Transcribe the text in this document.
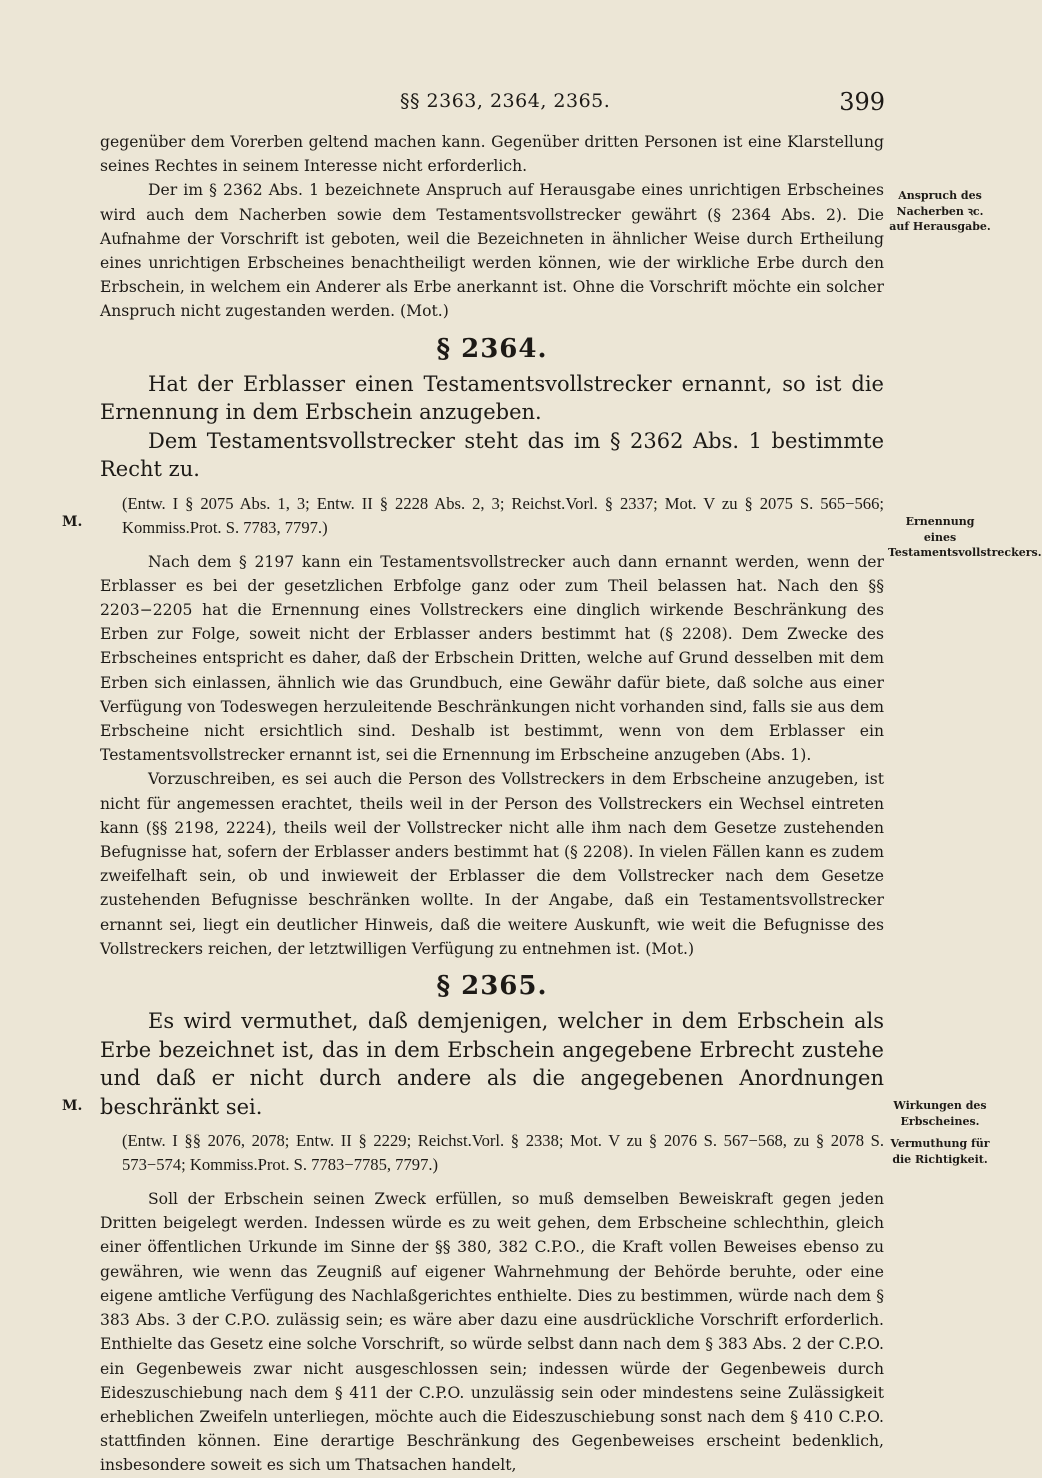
§§ 2363, 2364, 2365.	399

gegenüber dem Vorerben geltend machen kann. Gegenüber dritten Personen ist eine Klarstellung seines Rechtes in seinem Interesse nicht erforderlich.

Der im § 2362 Abs. 1 bezeichnete Anspruch auf Herausgabe eines unrichtigen Erbscheines wird auch dem Nacherben sowie dem Testamentsvollstrecker gewährt (§ 2364 Abs. 2). Die Aufnahme der Vorschrift ist geboten, weil die Bezeichneten in ähnlicher Weise durch Ertheilung eines unrichtigen Erbscheines benachtheiligt werden können, wie der wirkliche Erbe durch den Erbschein, in welchem ein Anderer als Erbe anerkannt ist. Ohne die Vorschrift möchte ein solcher Anspruch nicht zugestanden werden. (Mot.)

§ 2364.

Hat der Erblasser einen Testamentsvollstrecker ernannt, so ist die Ernennung in dem Erbschein anzugeben.

Dem Testamentsvollstrecker steht das im § 2362 Abs. 1 bestimmte Recht zu.

(Entw. I § 2075 Abs. 1, 3; Entw. II § 2228 Abs. 2, 3; Reichst.Vorl. § 2337; Mot. V zu § 2075 S. 565−566; Kommiss.Prot. S. 7783, 7797.)

Nach dem § 2197 kann ein Testamentsvollstrecker auch dann ernannt werden, wenn der Erblasser es bei der gesetzlichen Erbfolge ganz oder zum Theil belassen hat. Nach den §§ 2203−2205 hat die Ernennung eines Vollstreckers eine dinglich wirkende Beschränkung des Erben zur Folge, soweit nicht der Erblasser anders bestimmt hat (§ 2208). Dem Zwecke des Erbscheines entspricht es daher, daß der Erbschein Dritten, welche auf Grund desselben mit dem Erben sich einlassen, ähnlich wie das Grundbuch, eine Gewähr dafür biete, daß solche aus einer Verfügung von Todeswegen herzuleitende Beschränkungen nicht vorhanden sind, falls sie aus dem Erbscheine nicht ersichtlich sind. Deshalb ist bestimmt, wenn von dem Erblasser ein Testamentsvollstrecker ernannt ist, sei die Ernennung im Erbscheine anzugeben (Abs. 1).

Vorzuschreiben, es sei auch die Person des Vollstreckers in dem Erbscheine anzugeben, ist nicht für angemessen erachtet, theils weil in der Person des Vollstreckers ein Wechsel eintreten kann (§§ 2198, 2224), theils weil der Vollstrecker nicht alle ihm nach dem Gesetze zustehenden Befugnisse hat, sofern der Erblasser anders bestimmt hat (§ 2208). In vielen Fällen kann es zudem zweifelhaft sein, ob und inwieweit der Erblasser die dem Vollstrecker nach dem Gesetze zustehenden Befugnisse beschränken wollte. In der Angabe, daß ein Testamentsvollstrecker ernannt sei, liegt ein deutlicher Hinweis, daß die weitere Auskunft, wie weit die Befugnisse des Vollstreckers reichen, der letztwilligen Verfügung zu entnehmen ist. (Mot.)

§ 2365.

Es wird vermuthet, daß demjenigen, welcher in dem Erbschein als Erbe bezeichnet ist, das in dem Erbschein angegebene Erbrecht zustehe und daß er nicht durch andere als die angegebenen Anordnungen beschränkt sei.

(Entw. I §§ 2076, 2078; Entw. II § 2229; Reichst.Vorl. § 2338; Mot. V zu § 2076 S. 567−568, zu § 2078 S. 573−574; Kommiss.Prot. S. 7783−7785, 7797.)

Soll der Erbschein seinen Zweck erfüllen, so muß demselben Beweiskraft gegen jeden Dritten beigelegt werden. Indessen würde es zu weit gehen, dem Erbscheine schlechthin, gleich einer öffentlichen Urkunde im Sinne der §§ 380, 382 C.P.O., die Kraft vollen Beweises ebenso zu gewähren, wie wenn das Zeugniß auf eigener Wahrnehmung der Behörde beruhte, oder eine eigene amtliche Verfügung des Nachlaßgerichtes enthielte. Dies zu bestimmen, würde nach dem § 383 Abs. 3 der C.P.O. zulässig sein; es wäre aber dazu eine ausdrückliche Vorschrift erforderlich. Enthielte das Gesetz eine solche Vorschrift, so würde selbst dann nach dem § 383 Abs. 2 der C.P.O. ein Gegenbeweis zwar nicht ausgeschlossen sein; indessen würde der Gegenbeweis durch Eideszuschiebung nach dem § 411 der C.P.O. unzulässig sein oder mindestens seine Zulässigkeit erheblichen Zweifeln unterliegen, möchte auch die Eideszuschiebung sonst nach dem § 410 C.P.O. stattfinden können. Eine derartige Beschränkung des Gegenbeweises erscheint bedenklich, insbesondere soweit es sich um Thatsachen handelt,

M.
M.
Anspruch des Nacherben ꝛc. auf Herausgabe.
Ernennung eines Testamentsvollstreckers.
Wirkungen des Erbscheines.
Vermuthung für die Richtigkeit.
